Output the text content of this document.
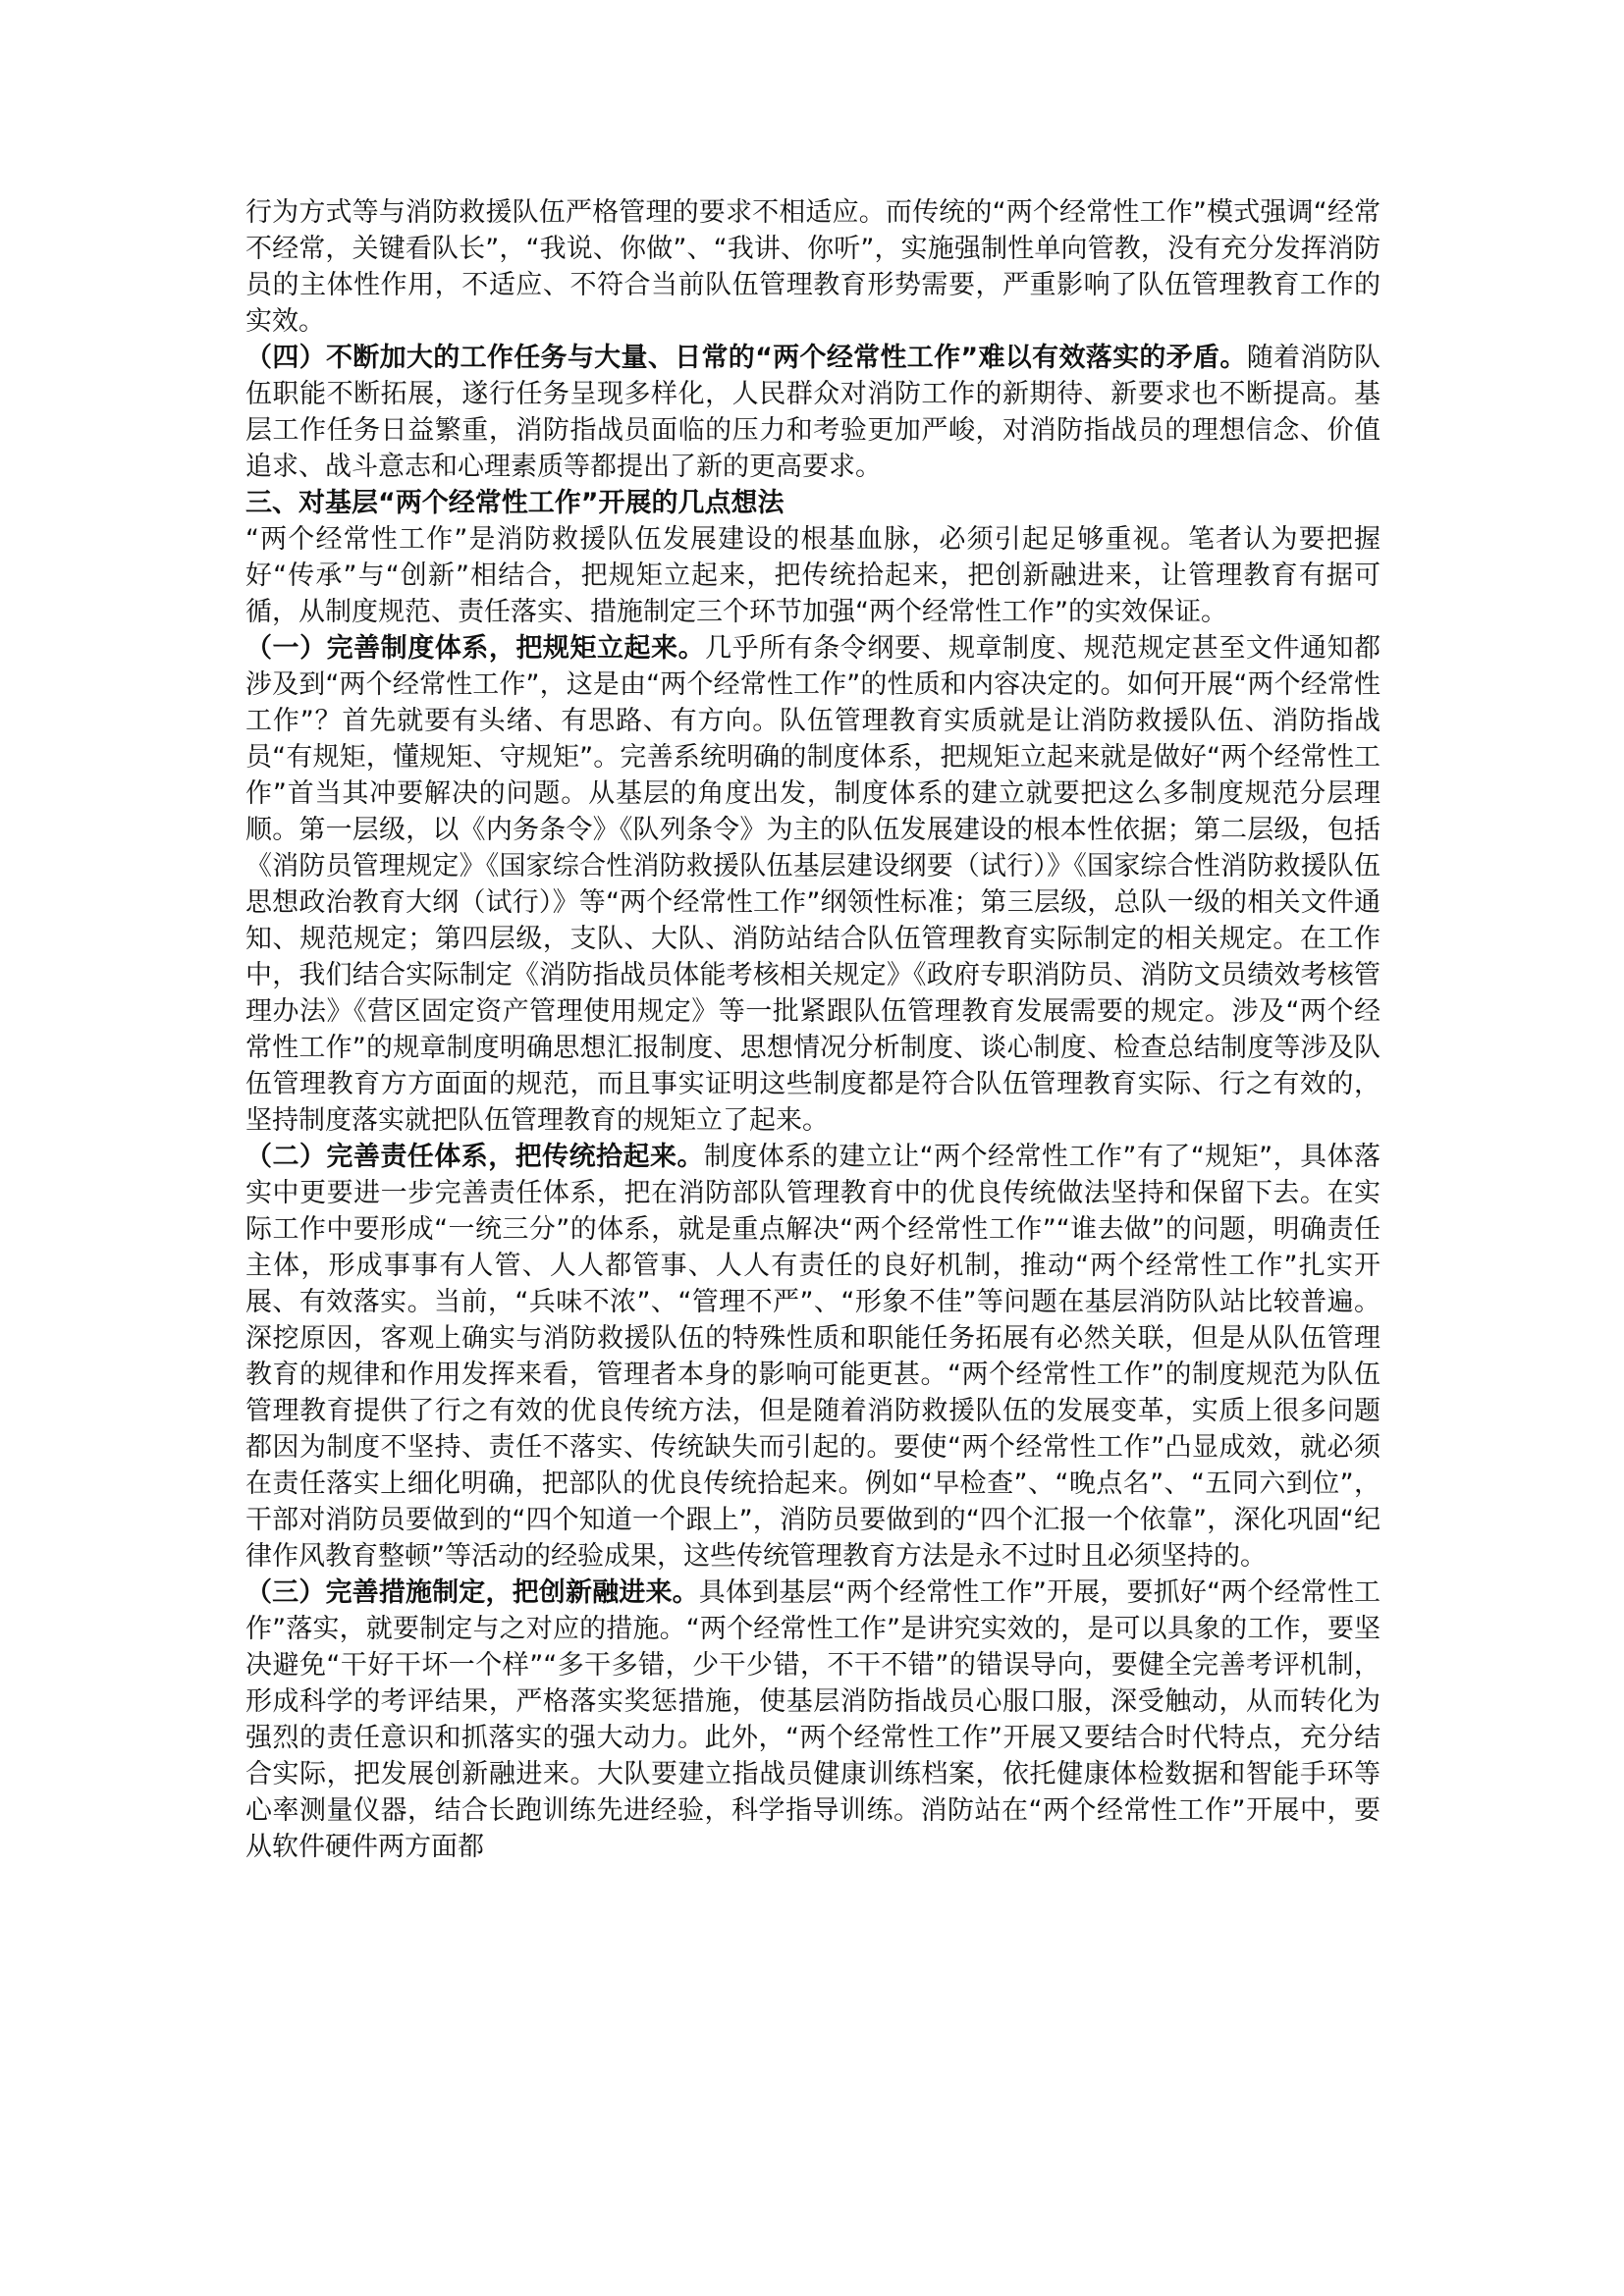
行为方式等与消防救援队伍严格管理的要求不相适应。而传统的“两个经常性工作”模式强调“经常不经常，关键看队长”，“我说、你做”、“我讲、你听”，实施强制性单向管教，没有充分发挥消防员的主体性作用，不适应、不符合当前队伍管理教育形势需要，严重影响了队伍管理教育工作的实效。

（四）不断加大的工作任务与大量、日常的“两个经常性工作”难以有效落实的矛盾。随着消防队伍职能不断拓展，遂行任务呈现多样化，人民群众对消防工作的新期待、新要求也不断提高。基层工作任务日益繁重，消防指战员面临的压力和考验更加严峻，对消防指战员的理想信念、价值追求、战斗意志和心理素质等都提出了新的更高要求。

三、对基层“两个经常性工作”开展的几点想法

“两个经常性工作”是消防救援队伍发展建设的根基血脉，必须引起足够重视。笔者认为要把握好“传承”与“创新”相结合，把规矩立起来，把传统拾起来，把创新融进来，让管理教育有据可循，从制度规范、责任落实、措施制定三个环节加强“两个经常性工作”的实效保证。

（一）完善制度体系，把规矩立起来。几乎所有条令纲要、规章制度、规范规定甚至文件通知都涉及到“两个经常性工作”，这是由“两个经常性工作”的性质和内容决定的。如何开展“两个经常性工作”？首先就要有头绪、有思路、有方向。队伍管理教育实质就是让消防救援队伍、消防指战员“有规矩，懂规矩、守规矩”。完善系统明确的制度体系，把规矩立起来就是做好“两个经常性工作”首当其冲要解决的问题。从基层的角度出发，制度体系的建立就要把这么多制度规范分层理顺。第一层级，以《内务条令》《队列条令》为主的队伍发展建设的根本性依据；第二层级，包括《消防员管理规定》《国家综合性消防救援队伍基层建设纲要（试行）》《国家综合性消防救援队伍思想政治教育大纲（试行）》等“两个经常性工作”纲领性标准；第三层级，总队一级的相关文件通知、规范规定；第四层级，支队、大队、消防站结合队伍管理教育实际制定的相关规定。在工作中，我们结合实际制定《消防指战员体能考核相关规定》《政府专职消防员、消防文员绩效考核管理办法》《营区固定资产管理使用规定》等一批紧跟队伍管理教育发展需要的规定。涉及“两个经常性工作”的规章制度明确思想汇报制度、思想情况分析制度、谈心制度、检查总结制度等涉及队伍管理教育方方面面的规范，而且事实证明这些制度都是符合队伍管理教育实际、行之有效的，坚持制度落实就把队伍管理教育的规矩立了起来。

（二）完善责任体系，把传统拾起来。制度体系的建立让“两个经常性工作”有了“规矩”，具体落实中更要进一步完善责任体系，把在消防部队管理教育中的优良传统做法坚持和保留下去。在实际工作中要形成“一统三分”的体系，就是重点解决“两个经常性工作”“谁去做”的问题，明确责任主体，形成事事有人管、人人都管事、人人有责任的良好机制，推动“两个经常性工作”扎实开展、有效落实。当前，“兵味不浓”、“管理不严”、“形象不佳”等问题在基层消防队站比较普遍。深挖原因，客观上确实与消防救援队伍的特殊性质和职能任务拓展有必然关联，但是从队伍管理教育的规律和作用发挥来看，管理者本身的影响可能更甚。“两个经常性工作”的制度规范为队伍管理教育提供了行之有效的优良传统方法，但是随着消防救援队伍的发展变革，实质上很多问题都因为制度不坚持、责任不落实、传统缺失而引起的。要使“两个经常性工作”凸显成效，就必须在责任落实上细化明确，把部队的优良传统拾起来。例如“早检查”、“晚点名”、“五同六到位”，干部对消防员要做到的“四个知道一个跟上”，消防员要做到的“四个汇报一个依靠”，深化巩固“纪律作风教育整顿”等活动的经验成果，这些传统管理教育方法是永不过时且必须坚持的。

（三）完善措施制定，把创新融进来。具体到基层“两个经常性工作”开展，要抓好“两个经常性工作”落实，就要制定与之对应的措施。“两个经常性工作”是讲究实效的，是可以具象的工作，要坚决避免“干好干坏一个样”“多干多错，少干少错，不干不错”的错误导向，要健全完善考评机制，形成科学的考评结果，严格落实奖惩措施，使基层消防指战员心服口服，深受触动，从而转化为强烈的责任意识和抓落实的强大动力。此外，“两个经常性工作”开展又要结合时代特点，充分结合实际，把发展创新融进来。大队要建立指战员健康训练档案，依托健康体检数据和智能手环等心率测量仪器，结合长跑训练先进经验，科学指导训练。消防站在“两个经常性工作”开展中，要从软件硬件两方面都
